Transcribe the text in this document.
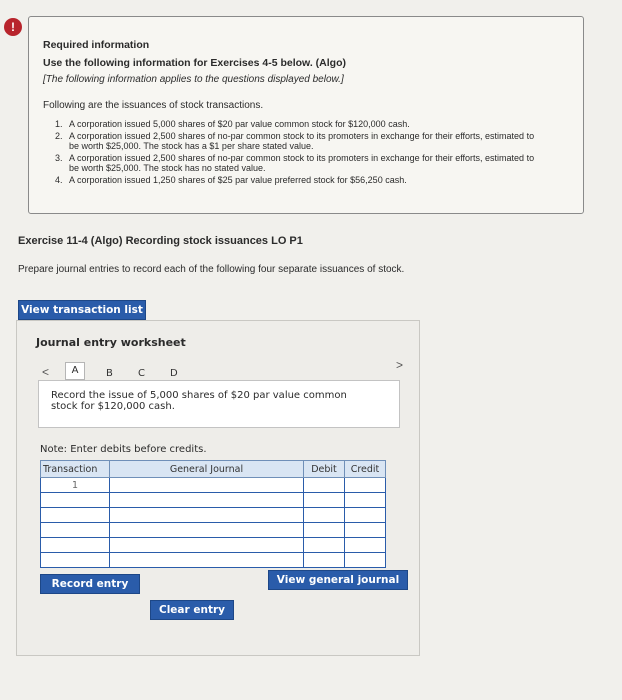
!
Required information
Use the following information for Exercises 4-5 below. (Algo)
[The following information applies to the questions displayed below.]
Following are the issuances of stock transactions.
1. A corporation issued 5,000 shares of $20 par value common stock for $120,000 cash.
2. A corporation issued 2,500 shares of no-par common stock to its promoters in exchange for their efforts, estimated to be worth $25,000. The stock has a $1 per share stated value.
3. A corporation issued 2,500 shares of no-par common stock to its promoters in exchange for their efforts, estimated to be worth $25,000. The stock has no stated value.
4. A corporation issued 1,250 shares of $25 par value preferred stock for $56,250 cash.
Exercise 11-4 (Algo) Recording stock issuances LO P1
Prepare journal entries to record each of the following four separate issuances of stock.
View transaction list
Journal entry worksheet
<	A	B	C	D
>
Record the issue of 5,000 shares of $20 par value common stock for $120,000 cash.
Note: Enter debits before credits.
Transaction	General Journal	Debit	Credit
1			

Record entry	View general journal
Clear entry
